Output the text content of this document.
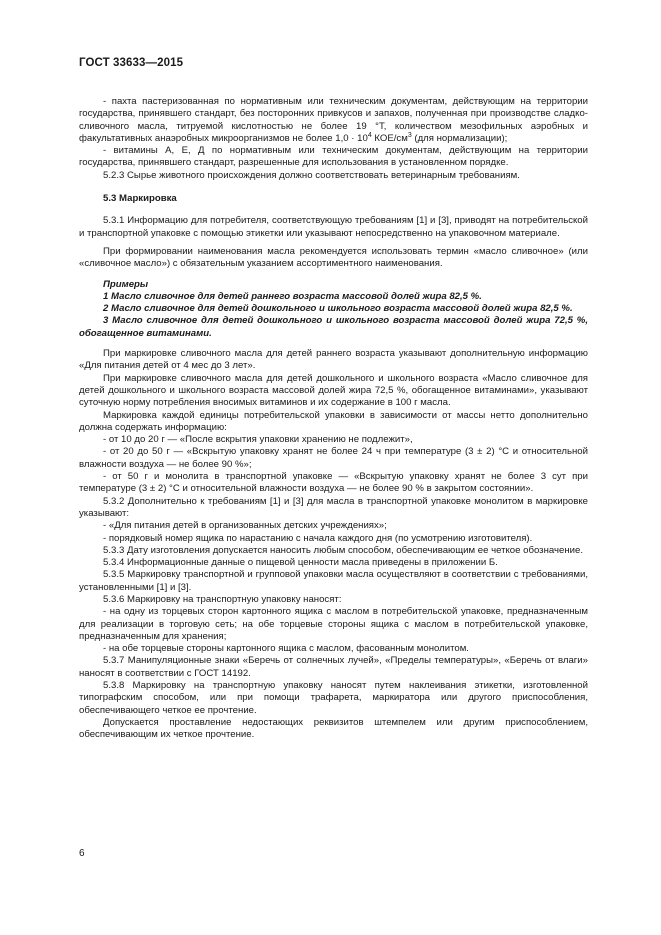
ГОСТ 33633—2015

- пахта пастеризованная по нормативным или техническим документам, действующим на территории государства, принявшего стандарт, без посторонних привкусов и запахов, полученная при производстве сладко-сливочного масла, титруемой кислотностью не более 19 °Т, количеством мезофильных аэробных и факультативных анаэробных микроорганизмов не более $1,0 \cdot 10^4$ КОЕ/$см^3$ (для нормализации);

- витамины А, Е, Д по нормативным или техническим документам, действующим на территории государства, принявшего стандарт, разрешенные для использования в установленном порядке.

5.2.3 Сырье животного происхождения должно соответствовать ветеринарным требованиям.

5.3 Маркировка

5.3.1 Информацию для потребителя, соответствующую требованиям [1] и [3], приводят на потребительской и транспортной упаковке с помощью этикетки или указывают непосредственно на упаковочном материале.

При формировании наименования масла рекомендуется использовать термин «масло сливочное» (или «сливочное масло») с обязательным указанием ассортиментного наименования.

Примеры

1 Масло сливочное для детей раннего возраста массовой долей жира 82,5 %.

2 Масло сливочное для детей дошкольного и школьного возраста массовой долей жира 82,5 %.

3 Масло сливочное для детей дошкольного и школьного возраста массовой долей жира 72,5 %, обогащенное витаминами.

При маркировке сливочного масла для детей раннего возраста указывают дополнительную информацию «Для питания детей от 4 мес до 3 лет».

При маркировке сливочного масла для детей дошкольного и школьного возраста «Масло сливочное для детей дошкольного и школьного возраста массовой долей жира 72,5 %, обогащенное витаминами», указывают суточную норму потребления вносимых витаминов и их содержание в 100 г масла.

Маркировка каждой единицы потребительской упаковки в зависимости от массы нетто дополнительно должна содержать информацию:

- от 10 до 20 г — «После вскрытия упаковки хранению не подлежит»,

- от 20 до 50 г — «Вскрытую упаковку хранят не более 24 ч при температуре (3 ± 2) °С и относительной влажности воздуха — не более 90 %»;

- от 50 г и монолита в транспортной упаковке — «Вскрытую упаковку хранят не более 3 сут при температуре (3 ± 2) °С и относительной влажности воздуха — не более 90 % в закрытом состоянии».

5.3.2 Дополнительно к требованиям [1] и [3] для масла в транспортной упаковке монолитом в маркировке указывают:

- «Для питания детей в организованных детских учреждениях»;

- порядковый номер ящика по нарастанию с начала каждого дня (по усмотрению изготовителя).

5.3.3 Дату изготовления допускается наносить любым способом, обеспечивающим ее четкое обозначение.

5.3.4 Информационные данные о пищевой ценности масла приведены в приложении Б.

5.3.5 Маркировку транспортной и групповой упаковки масла осуществляют в соответствии с требованиями, установленными [1] и [3].

5.3.6 Маркировку на транспортную упаковку наносят:

- на одну из торцевых сторон картонного ящика с маслом в потребительской упаковке, предназначенным для реализации в торговую сеть; на обе торцевые стороны ящика с маслом в потребительской упаковке, предназначенным для хранения;

- на обе торцевые стороны картонного ящика с маслом, фасованным монолитом.

5.3.7 Манипуляционные знаки «Беречь от солнечных лучей», «Пределы температуры», «Беречь от влаги» наносят в соответствии с ГОСТ 14192.

5.3.8 Маркировку на транспортную упаковку наносят путем наклеивания этикетки, изготовленной типографским способом, или при помощи трафарета, маркиратора или другого приспособления, обеспечивающего четкое ее прочтение.

Допускается проставление недостающих реквизитов штемпелем или другим приспособлением, обеспечивающим их четкое прочтение.

6
